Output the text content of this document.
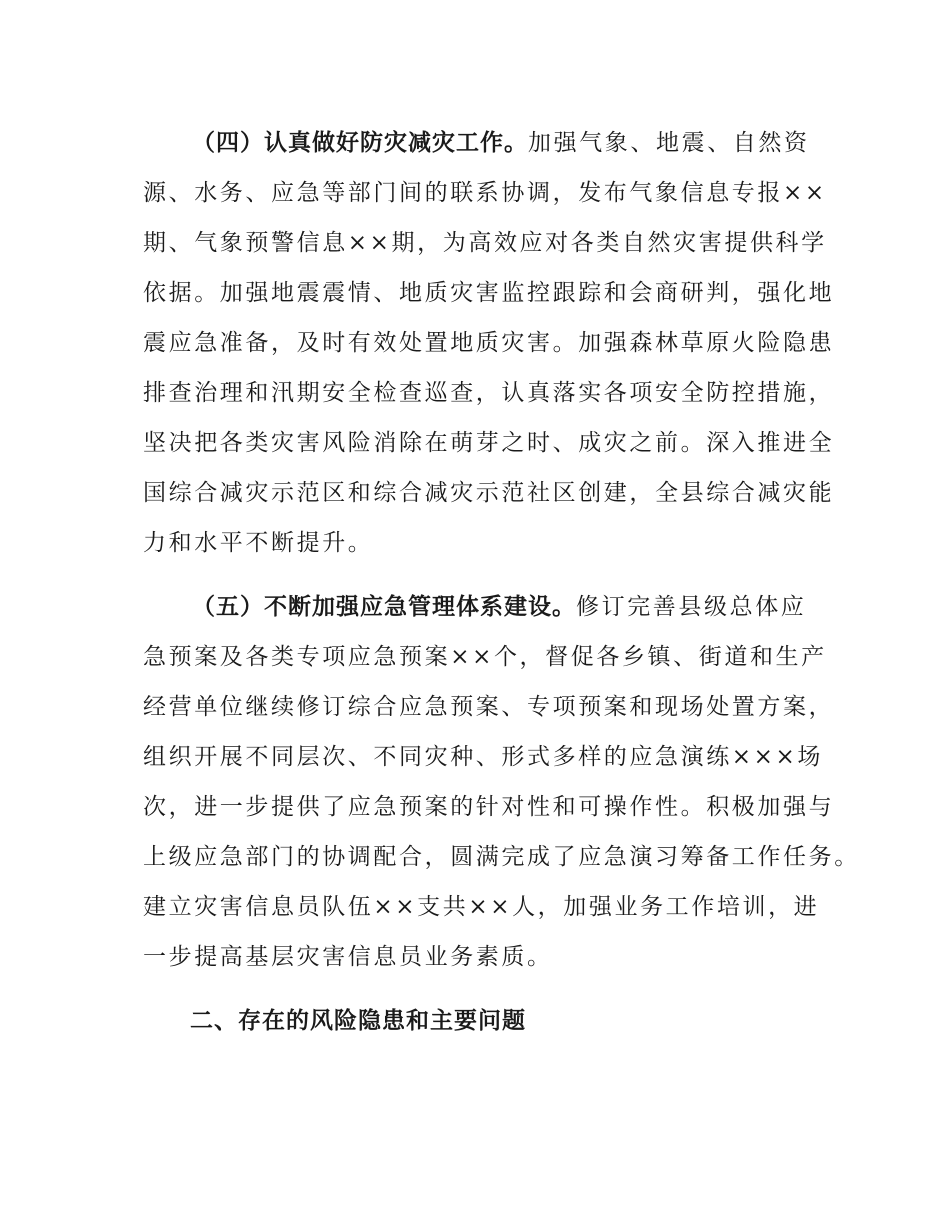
（四）认真做好防灾减灾工作。加强气象、地震、自然资
源、水务、应急等部门间的联系协调，发布气象信息专报××
期、气象预警信息××期，为高效应对各类自然灾害提供科学
依据。加强地震震情、地质灾害监控跟踪和会商研判，强化地
震应急准备，及时有效处置地质灾害。加强森林草原火险隐患
排查治理和汛期安全检查巡查，认真落实各项安全防控措施，
坚决把各类灾害风险消除在萌芽之时、成灾之前。深入推进全
国综合减灾示范区和综合减灾示范社区创建，全县综合减灾能
力和水平不断提升。
（五）不断加强应急管理体系建设。修订完善县级总体应
急预案及各类专项应急预案××个，督促各乡镇、街道和生产
经营单位继续修订综合应急预案、专项预案和现场处置方案，
组织开展不同层次、不同灾种、形式多样的应急演练×××场
次，进一步提供了应急预案的针对性和可操作性。积极加强与
上级应急部门的协调配合，圆满完成了应急演习筹备工作任务。
建立灾害信息员队伍××支共××人，加强业务工作培训，进
一步提高基层灾害信息员业务素质。
二、存在的风险隐患和主要问题
